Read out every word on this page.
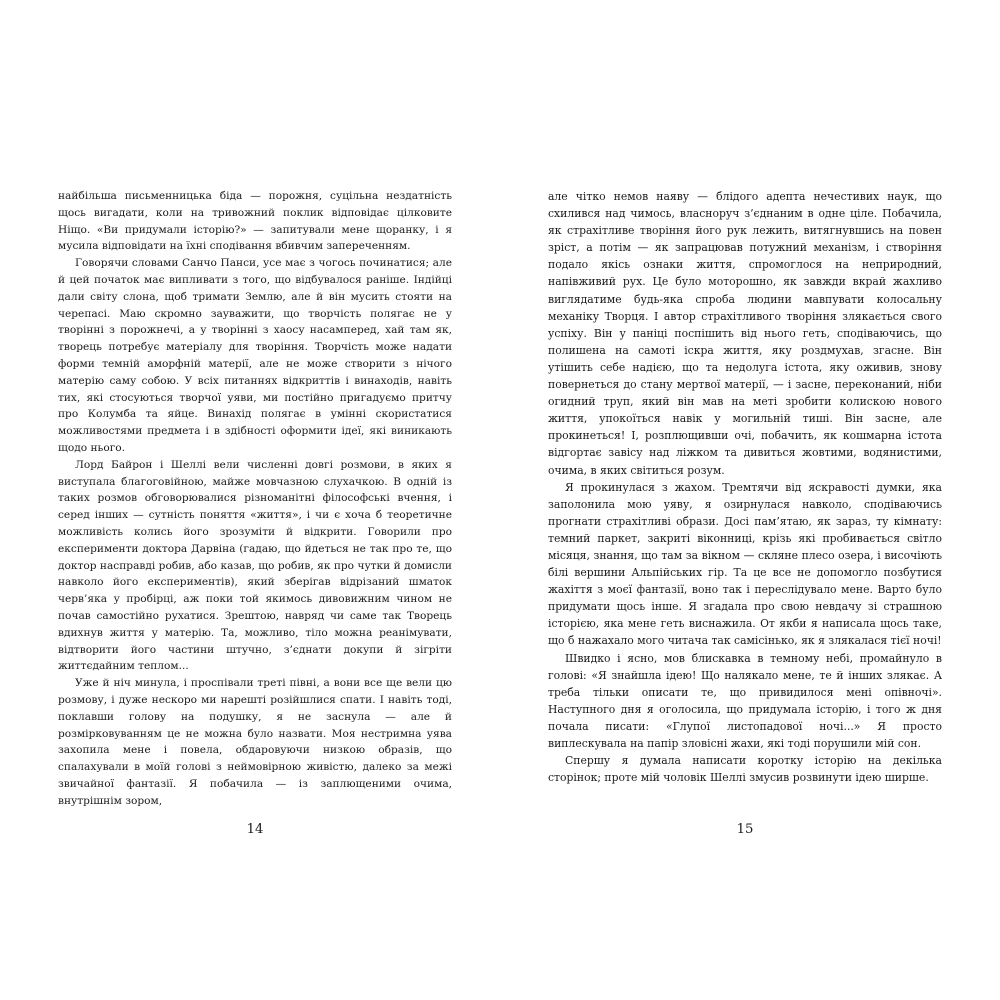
найбільша письменницька біда — порожня, суцільна нездатність щось вигадати, коли на тривожний поклик відповідає цілковите Ніщо. «Ви придумали історію?» — запитували мене щоранку, і я мусила відповідати на їхні сподівання вбивчим запереченням.

Говорячи словами Санчо Панси, усе має з чогось починатися; але й цей початок має випливати з того, що відбувалося раніше. Індійці дали світу слона, щоб тримати Землю, але й він мусить стояти на черепасі. Маю скромно зауважити, що творчість полягає не у творінні з порожнечі, а у творінні з хаосу насамперед, хай там як, творець потребує матеріалу для творіння. Творчість може надати форми темній аморфній матерії, але не може створити з нічого матерію саму собою. У всіх питаннях відкриттів і винаходів, навіть тих, які стосуються творчої уяви, ми постійно пригадуємо притчу про Колумба та яйце. Винахід полягає в умінні скористатися можливостями предмета і в здібності оформити ідеї, які виникають щодо нього.

Лорд Байрон і Шеллі вели численні довгі розмови, в яких я виступала благоговійною, майже мовчазною слухачкою. В одній із таких розмов обговорювалися різноманітні філософські вчення, і серед інших — сутність поняття «життя», і чи є хоча б теоретичне можливість колись його зрозуміти й відкрити. Говорили про експерименти доктора Дарвіна (гадаю, що йдеться не так про те, що доктор насправді робив, або казав, що робив, як про чутки й домисли навколо його експериментів), який зберігав відрізаний шматок черв’яка у пробірці, аж поки той якимось дивовижним чином не почав самостійно рухатися. Зрештою, навряд чи саме так Творець вдихнув життя у матерію. Та, можливо, тіло можна реанімувати, відтворити його частини штучно, з’єднати докупи й зігріти життєдайним теплом...

Уже й ніч минула, і проспівали треті півні, а вони все ще вели цю розмову, і дуже нескоро ми нарешті розійшлися спати. І навіть тоді, поклавши голову на подушку, я не заснула — але й розмірковуванням це не можна було назвати. Моя нестримна уява захопила мене і повела, обдаровуючи низкою образів, що спалахували в моїй голові з неймовірною живістю, далеко за межі звичайної фантазії. Я побачила — із заплющеними очима, внутрішнім зором,

14

але чітко немов наяву — блідого адепта нечестивих наук, що схилився над чимось, власноруч з’єднаним в одне ціле. Побачила, як страхітливе творіння його рук лежить, витягнувшись на повен зріст, а потім — як запрацював потужний механізм, і створіння подало якісь ознаки життя, спромоглося на неприродний, напівживий рух. Це було моторошно, як завжди вкрай жахливо виглядатиме будь-яка спроба людини мавпувати колосальну механіку Творця. І автор страхітливого творіння злякається свого успіху. Він у паніці поспішить від нього геть, сподіваючись, що полишена на самоті іскра життя, яку роздмухав, згасне. Він утішить себе надією, що та недолуга істота, яку оживив, знову повернеться до стану мертвої матерії, — і засне, переконаний, ніби огидний труп, який він мав на меті зробити колискою нового життя, упокоїться навік у могильній тиші. Він засне, але прокинеться! І, розплющивши очі, побачить, як кошмарна істота відгортає завісу над ліжком та дивиться жовтими, водянистими, очима, в яких світиться розум.

Я прокинулася з жахом. Тремтячи від яскравості думки, яка заполонила мою уяву, я озирнулася навколо, сподіваючись прогнати страхітливі образи. Досі пам’ятаю, як зараз, ту кімнату: темний паркет, закриті віконниці, крізь які пробивається світло місяця, знання, що там за вікном — скляне плесо озера, і височіють білі вершини Альпійських гір. Та це все не допомогло позбутися жахіття з моєї фантазії, воно так і переслідувало мене. Варто було придумати щось інше. Я згадала про свою невдачу зі страшною історією, яка мене геть виснажила. От якби я написала щось таке, що б нажахало мого читача так самісінько, як я злякалася тієї ночі!

Швидко і ясно, мов блискавка в темному небі, промайнуло в голові: «Я знайшла ідею! Що налякало мене, те й інших злякає. А треба тільки описати те, що привидилося мені опівночі». Наступного дня я оголосила, що придумала історію, і того ж дня почала писати: «Глупої листопадової ночі...» Я просто виплескувала на папір зловісні жахи, які тоді порушили мій сон.

Спершу я думала написати коротку історію на декілька сторінок; проте мій чоловік Шеллі змусив розвинути ідею ширше.

15
